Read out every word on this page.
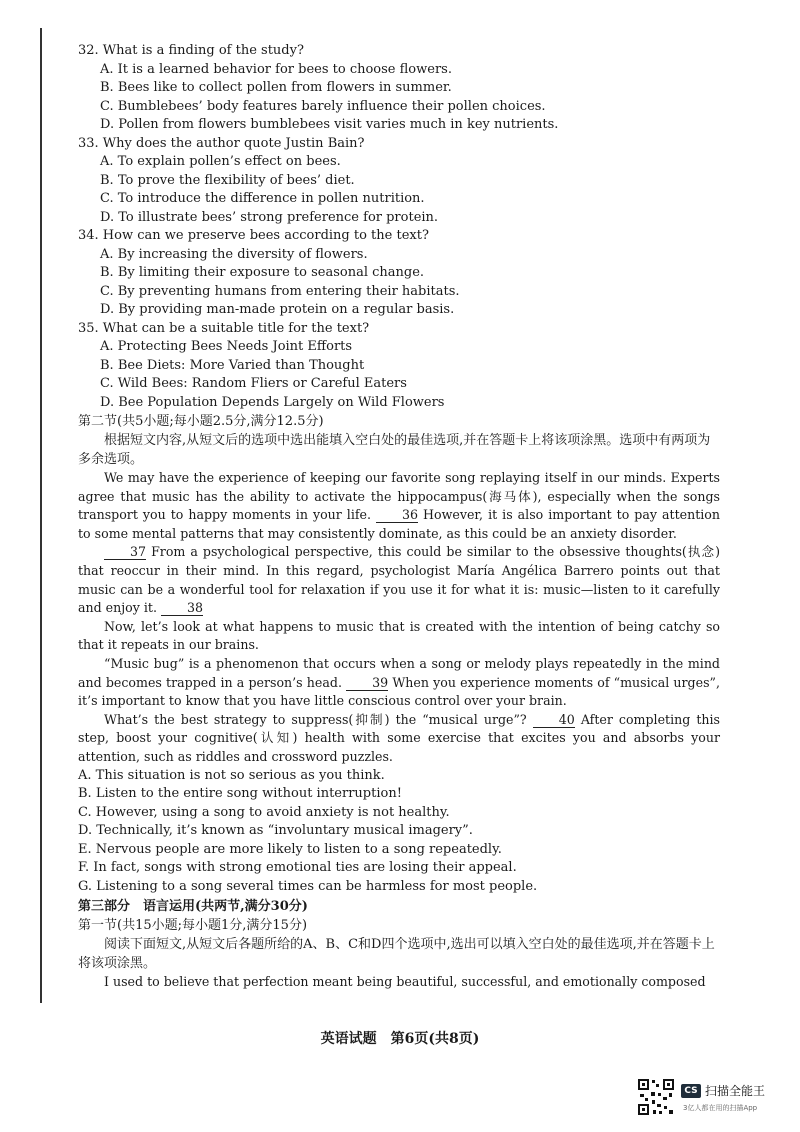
32. What is a finding of the study?
A. It is a learned behavior for bees to choose flowers.
B. Bees like to collect pollen from flowers in summer.
C. Bumblebees’ body features barely influence their pollen choices.
D. Pollen from flowers bumblebees visit varies much in key nutrients.
33. Why does the author quote Justin Bain?
A. To explain pollen’s effect on bees.
B. To prove the flexibility of bees’ diet.
C. To introduce the difference in pollen nutrition.
D. To illustrate bees’ strong preference for protein.
34. How can we preserve bees according to the text?
A. By increasing the diversity of flowers.
B. By limiting their exposure to seasonal change.
C. By preventing humans from entering their habitats.
D. By providing man-made protein on a regular basis.
35. What can be a suitable title for the text?
A. Protecting Bees Needs Joint Efforts
B. Bee Diets: More Varied than Thought
C. Wild Bees: Random Fliers or Careful Eaters
D. Bee Population Depends Largely on Wild Flowers
第二节(共5小题;每小题2.5分,满分12.5分)
根据短文内容,从短文后的选项中选出能填入空白处的最佳选项,并在答题卡上将该项涂黑。选项中有两项为多余选项。
We may have the experience of keeping our favorite song replaying itself in our minds. Experts agree that music has the ability to activate the hippocampus(海马体), especially when the songs transport you to happy moments in your life. 36 However, it is also important to pay attention to some mental patterns that may consistently dominate, as this could be an anxiety disorder.
37 From a psychological perspective, this could be similar to the obsessive thoughts(执念) that reoccur in their mind. In this regard, psychologist María Angélica Barrero points out that music can be a wonderful tool for relaxation if you use it for what it is: music—listen to it carefully and enjoy it. 38
Now, let’s look at what happens to music that is created with the intention of being catchy so that it repeats in our brains.
“Music bug” is a phenomenon that occurs when a song or melody plays repeatedly in the mind and becomes trapped in a person’s head. 39 When you experience moments of “musical urges”, it’s important to know that you have little conscious control over your brain.
What’s the best strategy to suppress(抑制) the “musical urge”?	40 After completing this step, boost your cognitive(认知) health with some exercise that excites you and absorbs your attention, such as riddles and crossword puzzles.
A. This situation is not so serious as you think.
B. Listen to the entire song without interruption!
C. However, using a song to avoid anxiety is not healthy.
D. Technically, it’s known as “involuntary musical imagery”.
E. Nervous people are more likely to listen to a song repeatedly.
F. In fact, songs with strong emotional ties are losing their appeal.
G. Listening to a song several times can be harmless for most people.
第三部分　语言运用(共两节,满分30分)
第一节(共15小题;每小题1分,满分15分)
阅读下面短文,从短文后各题所给的A、B、C和D四个选项中,选出可以填入空白处的最佳选项,并在答题卡上将该项涂黑。
I used to believe that perfection meant being beautiful, successful, and emotionally composed
英语试题　第6页(共8页)
CS 扫描全能王
3亿人都在用的扫描App
